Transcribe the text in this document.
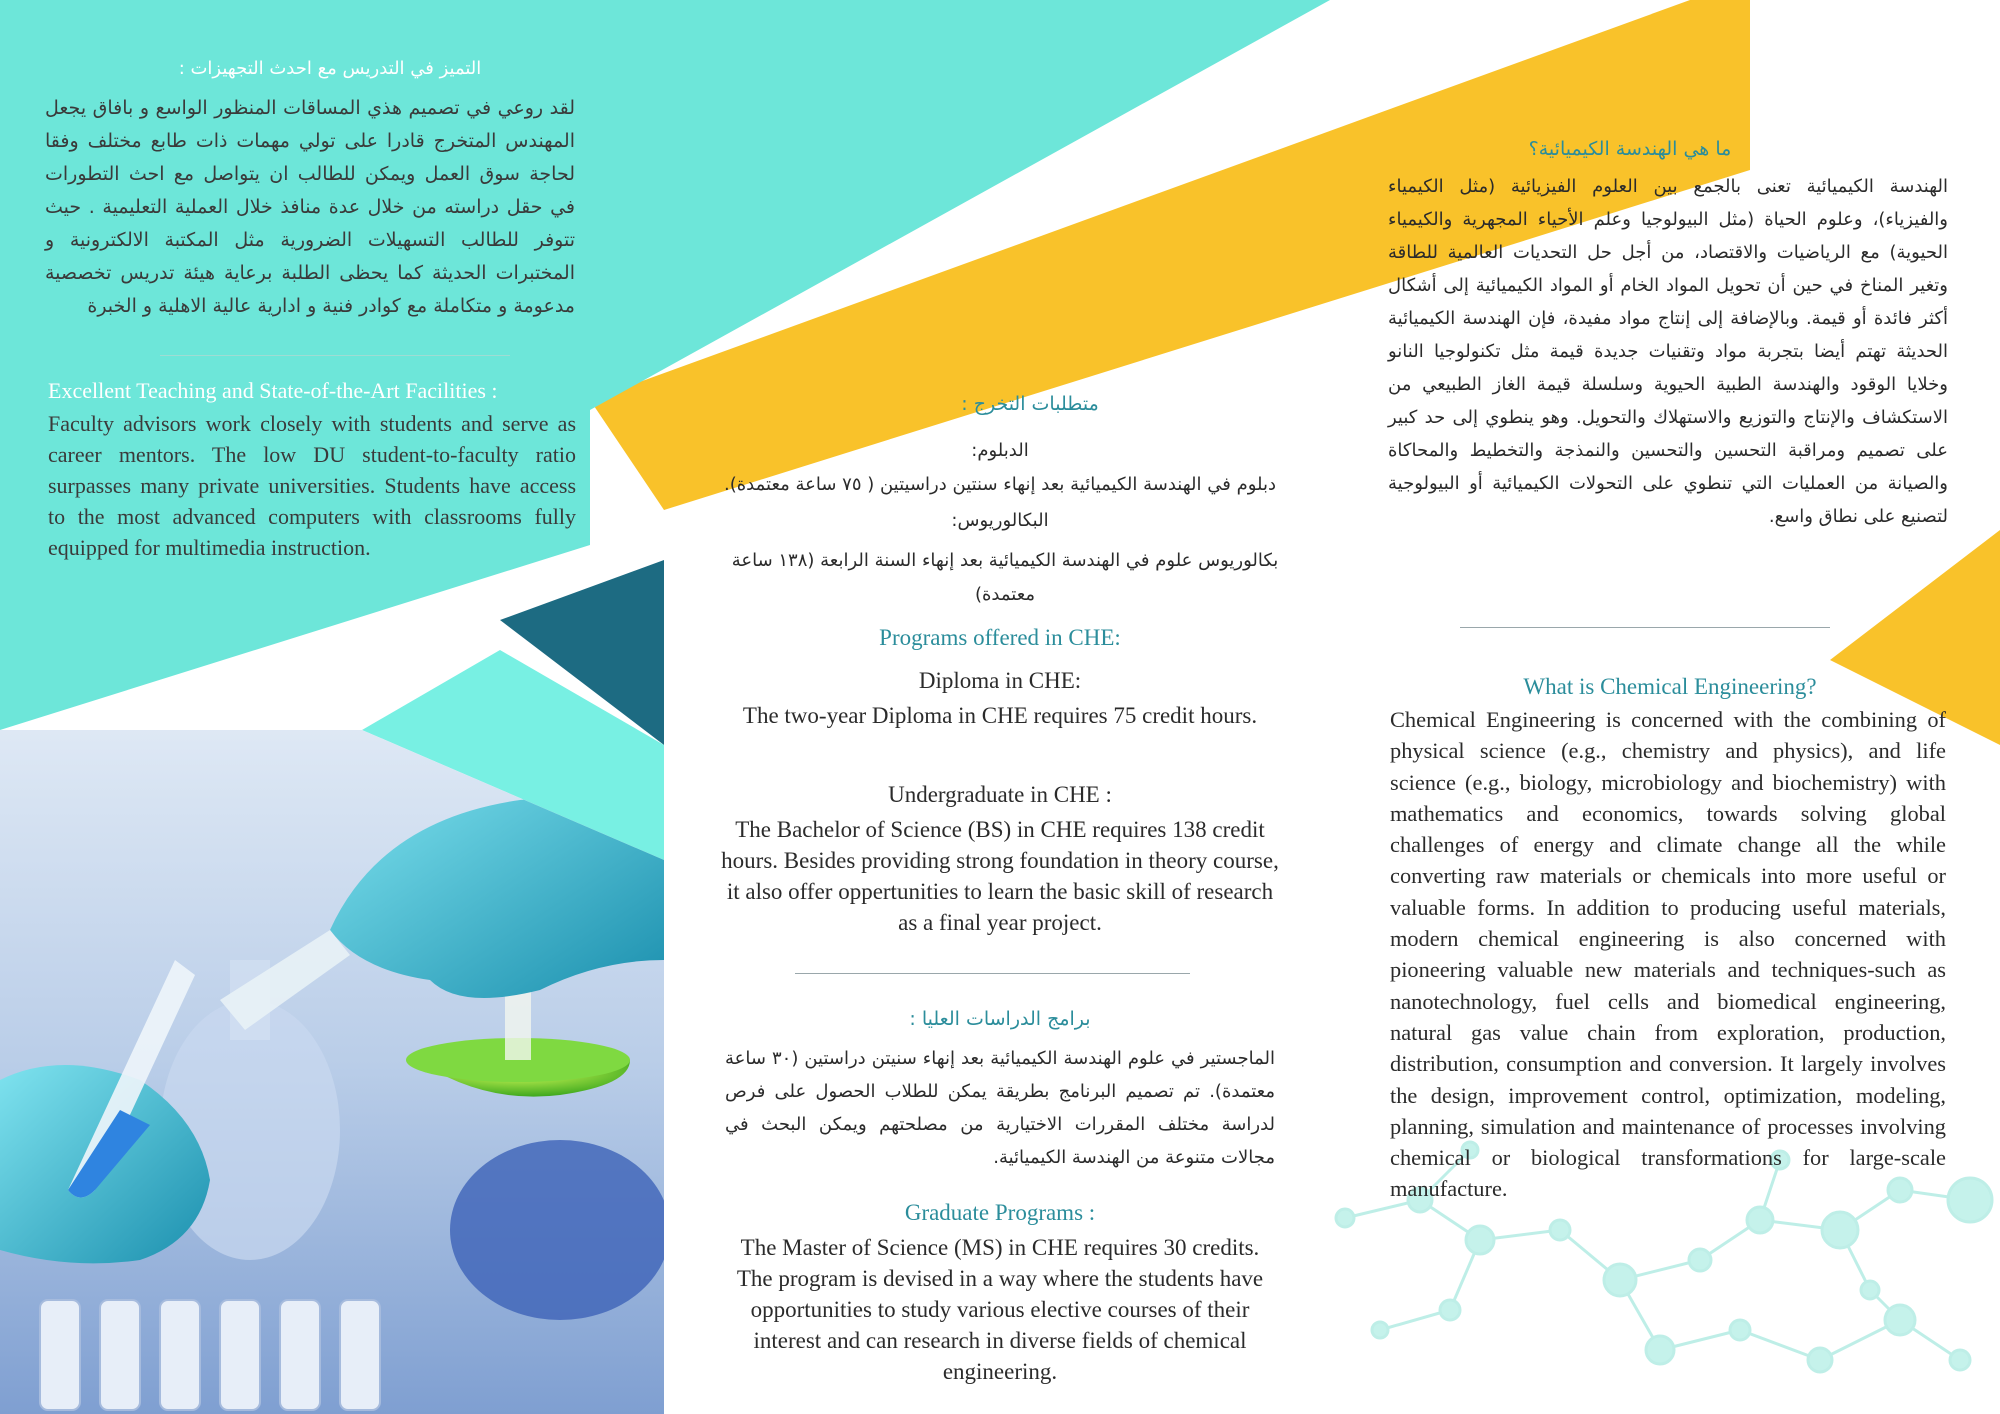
التميز في التدريس مع احدث التجهيزات :
لقد روعي في تصميم هذي المساقات المنظور الواسع و بافاق يجعل المهندس المتخرج قادرا على تولي مهمات ذات طابع مختلف وفقا لحاجة سوق العمل ويمكن للطالب ان يتواصل مع احث التطورات في حقل دراسته من خلال عدة منافذ خلال العملية التعليمية . حيث تتوفر للطالب التسهيلات الضرورية مثل المكتبة الالكترونية و المختبرات الحديثة كما يحظى الطلبة برعاية هيئة تدريس تخصصية مدعومة و متكاملة مع كوادر فنية و ادارية عالية الاهلية و الخبرة
Excellent Teaching and State-of-the-Art Facilities :
Faculty advisors work closely with students and serve as career mentors. The low DU student-to-faculty ratio surpasses many private universities. Students have access to the most advanced computers with classrooms fully equipped for multimedia instruction.
متطلبات التخرج :
الدبلوم:
دبلوم في الهندسة الكيميائية بعد إنهاء سنتين دراسيتين ( ٧٥ ساعة معتمدة).
البكالوريوس:
بكالوريوس علوم في الهندسة الكيميائية بعد إنهاء السنة الرابعة (١٣٨ ساعة معتمدة)
Programs offered in CHE:
Diploma in CHE:
The two-year Diploma in CHE requires 75 credit hours.
Undergraduate in CHE :
The Bachelor of Science (BS) in CHE requires 138 credit hours. Besides providing strong foundation in theory course, it also offer oppertunities to learn the basic skill of research as a final year project.
برامج الدراسات العليا :
الماجستير في علوم الهندسة الكيميائية بعد إنهاء سنيتن دراستين (٣٠ ساعة معتمدة). تم تصميم البرنامج بطريقة يمكن للطلاب الحصول على فرص لدراسة مختلف المقررات الاختيارية من مصلحتهم ويمكن البحث في مجالات متنوعة من الهندسة الكيميائية.
Graduate Programs :
The Master of Science (MS) in CHE requires 30 credits. The program is devised in a way where the students have opportunities to study various elective courses of their interest and can research in diverse fields of chemical engineering.
ما هي الهندسة الكيميائية؟
الهندسة الكيميائية تعنى بالجمع بين العلوم الفيزيائية (مثل الكيمياء والفيزياء)، وعلوم الحياة (مثل البيولوجيا وعلم الأحياء المجهرية والكيمياء الحيوية) مع الرياضيات والاقتصاد، من أجل حل التحديات العالمية للطاقة وتغير المناخ في حين أن تحويل المواد الخام أو المواد الكيميائية إلى أشكال أكثر فائدة أو قيمة. وبالإضافة إلى إنتاج مواد مفيدة، فإن الهندسة الكيميائية الحديثة تهتم أيضا بتجربة مواد وتقنيات جديدة قيمة مثل تكنولوجيا النانو وخلايا الوقود والهندسة الطبية الحيوية وسلسلة قيمة الغاز الطبيعي من الاستكشاف والإنتاج والتوزيع والاستهلاك والتحويل. وهو ينطوي إلى حد كبير على تصميم ومراقبة التحسين والتحسين والنمذجة والتخطيط والمحاكاة والصيانة من العمليات التي تنطوي على التحولات الكيميائية أو البيولوجية لتصنيع على نطاق واسع.
What is Chemical Engineering?
Chemical Engineering is concerned with the combining of physical science (e.g., chemistry and physics), and life science (e.g., biology, microbiology and biochemistry) with mathematics and economics, towards solving global challenges of energy and climate change all the while converting raw materials or chemicals into more useful or valuable forms. In addition to producing useful materials, modern chemical engineering is also concerned with pioneering valuable new materials and techniques-such as nanotechnology, fuel cells and biomedical engineering, natural gas value chain from exploration, production, distribution, consumption and conversion. It largely involves the design, improvement control, optimization, modeling, planning, simulation and maintenance of processes involving chemical or biological transformations for large-scale manufacture.
